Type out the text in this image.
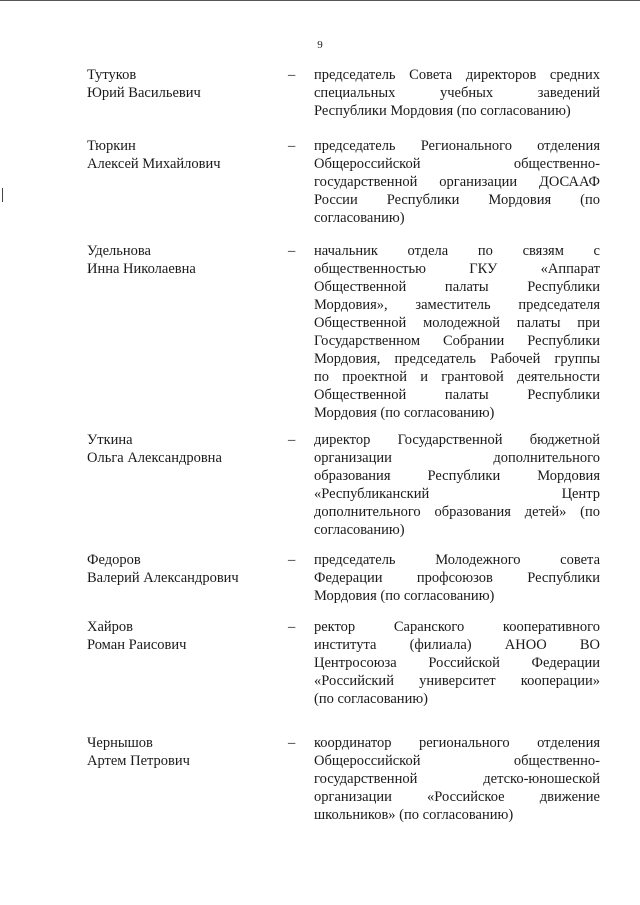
9
Тутуков
Юрий Васильевич
– председатель Совета директоров средних
специальных учебных заведений
Республики Мордовия (по согласованию)
Тюркин
Алексей Михайлович
– председатель Регионального отделения
Общероссийской общественно-
государственной организации ДОСААФ
России Республики Мордовия (по
согласованию)
Удельнова
Инна Николаевна
– начальник отдела по связям с
общественностью ГКУ «Аппарат
Общественной палаты Республики
Мордовия», заместитель председателя
Общественной молодежной палаты при
Государственном Собрании Республики
Мордовия, председатель Рабочей группы
по проектной и грантовой деятельности
Общественной палаты Республики
Мордовия (по согласованию)
Уткина
Ольга Александровна
– директор Государственной бюджетной
организации дополнительного
образования Республики Мордовия
«Республиканский Центр
дополнительного образования детей» (по
согласованию)
Федоров
Валерий Александрович
– председатель Молодежного совета
Федерации профсоюзов Республики
Мордовия (по согласованию)
Хайров
Роман Раисович
– ректор Саранского кооперативного
института (филиала) АНОО ВО
Центросоюза Российской Федерации
«Российский университет кооперации»
(по согласованию)
Чернышов
Артем Петрович
– координатор регионального отделения
Общероссийской общественно-
государственной детско-юношеской
организации «Российское движение
школьников» (по согласованию)
